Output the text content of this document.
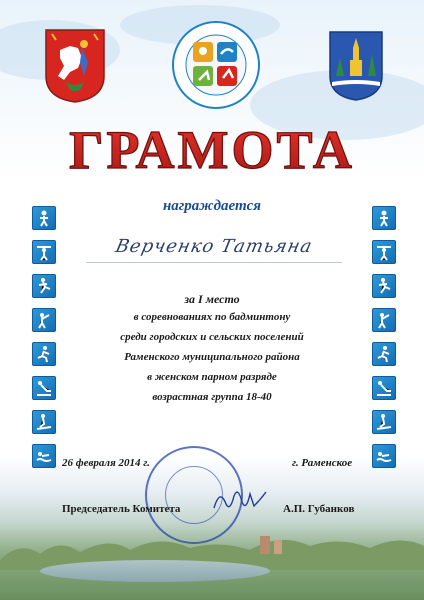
ГРАМОТА
награждается
Верченко Татьяна
за I место
в соревнованиях по бадминтону
среди городских и сельских поселений
Раменского муниципального района
в женском парном разряде
возрастная группа 18-40
26 февраля 2014 г.	г. Раменское
Председатель Комитета	А.П. Губанков
